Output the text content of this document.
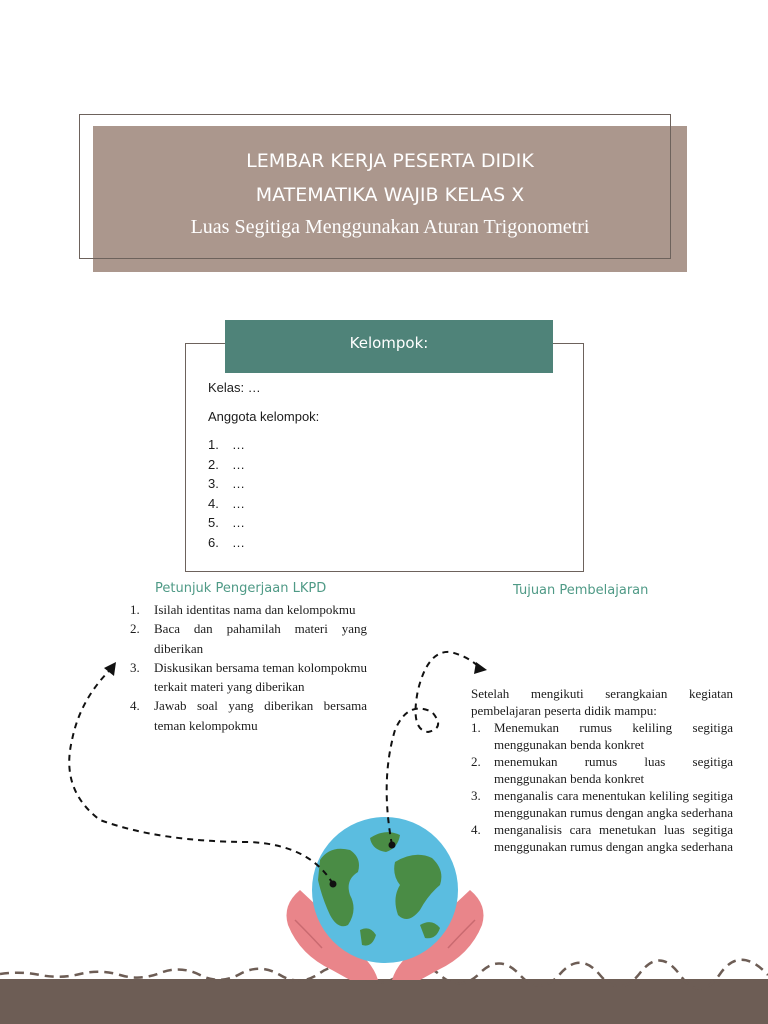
LEMBAR KERJA PESERTA DIDIK
MATEMATIKA WAJIB KELAS X
Luas Segitiga Menggunakan Aturan Trigonometri
Kelompok:
Kelas: …
Anggota kelompok:
1.	…
2.	…
3.	…
4.	…
5.	…
6.	…
Petunjuk Pengerjaan LKPD
1.	Isilah identitas nama dan kelompokmu
2.	Baca dan pahamilah materi yang diberikan
3.	Diskusikan bersama teman kolompokmu terkait materi yang diberikan
4.	Jawab soal yang diberikan bersama teman kelompokmu
Tujuan Pembelajaran
Setelah mengikuti serangkaian kegiatan pembelajaran peserta didik mampu:
1.	Menemukan rumus keliling segitiga menggunakan benda konkret
2.	menemukan rumus luas segitiga menggunakan benda konkret
3.	menganalis cara menentukan keliling segitiga menggunakan rumus dengan angka sederhana
4.	menganalisis cara menetukan luas segitiga menggunakan rumus dengan angka sederhana
